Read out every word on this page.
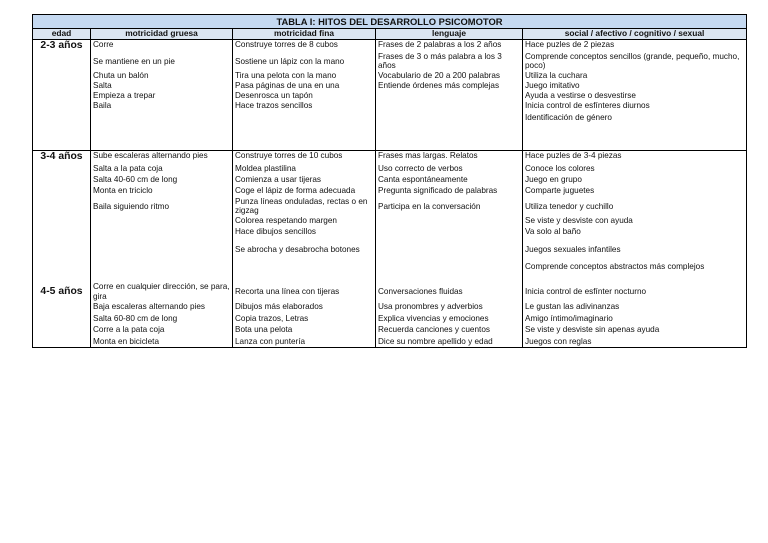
TABLA I: HITOS DEL DESARROLLO PSICOMOTOR				
edad	motricidad gruesa	motricidad fina	lenguaje	social / afectivo / cognitivo / sexual
2-3 años	Corre	Construye torres de 8 cubos	Frases de 2 palabras a los 2 años	Hace puzles de 2 piezas
	Se mantiene en un pie	Sostiene un lápiz con la mano	Frases de 3 o más palabra a los 3 años	Comprende conceptos sencillos (grande, pequeño, mucho, poco)
	Chuta un balón	Tira una pelota con la mano	Vocabulario de 20 a 200 palabras	Utiliza la cuchara
	Salta	Pasa páginas de una en una	Entiende órdenes más complejas	Juego imitativo
	Empieza a trepar	Desenrosca un tapón		Ayuda a vestirse o desvestirse
	Baila	Hace trazos sencillos		Inicia control de esfínteres diurnos
				Identificación de género

3-4 años	Sube escaleras alternando pies	Construye torres de 10 cubos	Frases mas largas. Relatos	Hace puzles de 3-4 piezas
	Salta a la pata coja	Moldea plastilina	Uso correcto de verbos	Conoce los colores
	Salta 40-60 cm de long	Comienza a usar tijeras	Canta espontáneamente	Juego en grupo
	Monta en triciclo	Coge el lápiz de forma adecuada	Pregunta significado de palabras	Comparte juguetes
	Baila siguiendo ritmo	Punza líneas onduladas, rectas o en zigzag	Participa en la conversación	Utiliza tenedor y cuchillo
		Colorea respetando margen		Se viste y desviste con ayuda
		Hace dibujos sencillos		Va solo al baño
		Se abrocha y desabrocha botones		Juegos sexuales infantiles
				Comprende conceptos abstractos más complejos
4-5 años	Corre en cualquier dirección, se para, gira	Recorta una línea con tijeras	Conversaciones fluidas	Inicia control de esfínter nocturno
	Baja escaleras alternando pies	Dibujos más elaborados	Usa pronombres y adverbios	Le gustan las adivinanzas
	Salta 60-80 cm de long	Copia trazos, Letras	Explica vivencias y emociones	Amigo íntimo/imaginario
	Corre a la pata coja	Bota una pelota	Recuerda canciones y cuentos	Se viste y desviste sin apenas ayuda
	Monta en bicicleta	Lanza con puntería	Dice su nombre apellido y edad	Juegos con reglas
